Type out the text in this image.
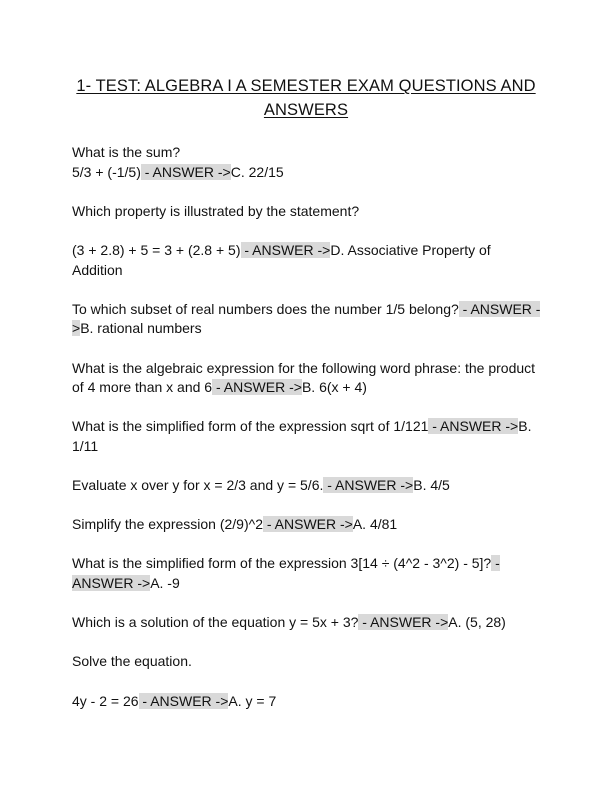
1- TEST: ALGEBRA I A SEMESTER EXAM QUESTIONS AND ANSWERS

What is the sum?
5/3 + (-1/5) - ANSWER ->C. 22/15

Which property is illustrated by the statement?

(3 + 2.8) + 5 = 3 + (2.8 + 5) - ANSWER ->D. Associative Property of Addition

To which subset of real numbers does the number 1/5 belong? - ANSWER ->B. rational numbers

What is the algebraic expression for the following word phrase: the product of 4 more than x and 6 - ANSWER ->B. 6(x + 4)

What is the simplified form of the expression sqrt of 1/121 - ANSWER ->B. 1/11

Evaluate x over y for x = 2/3 and y = 5/6. - ANSWER ->B. 4/5

Simplify the expression (2/9)^2 - ANSWER ->A. 4/81

What is the simplified form of the expression 3[14 ÷ (4^2 - 3^2) - 5]? - ANSWER ->A. -9

Which is a solution of the equation y = 5x + 3? - ANSWER ->A. (5, 28)

Solve the equation.

4y - 2 = 26 - ANSWER ->A. y = 7
